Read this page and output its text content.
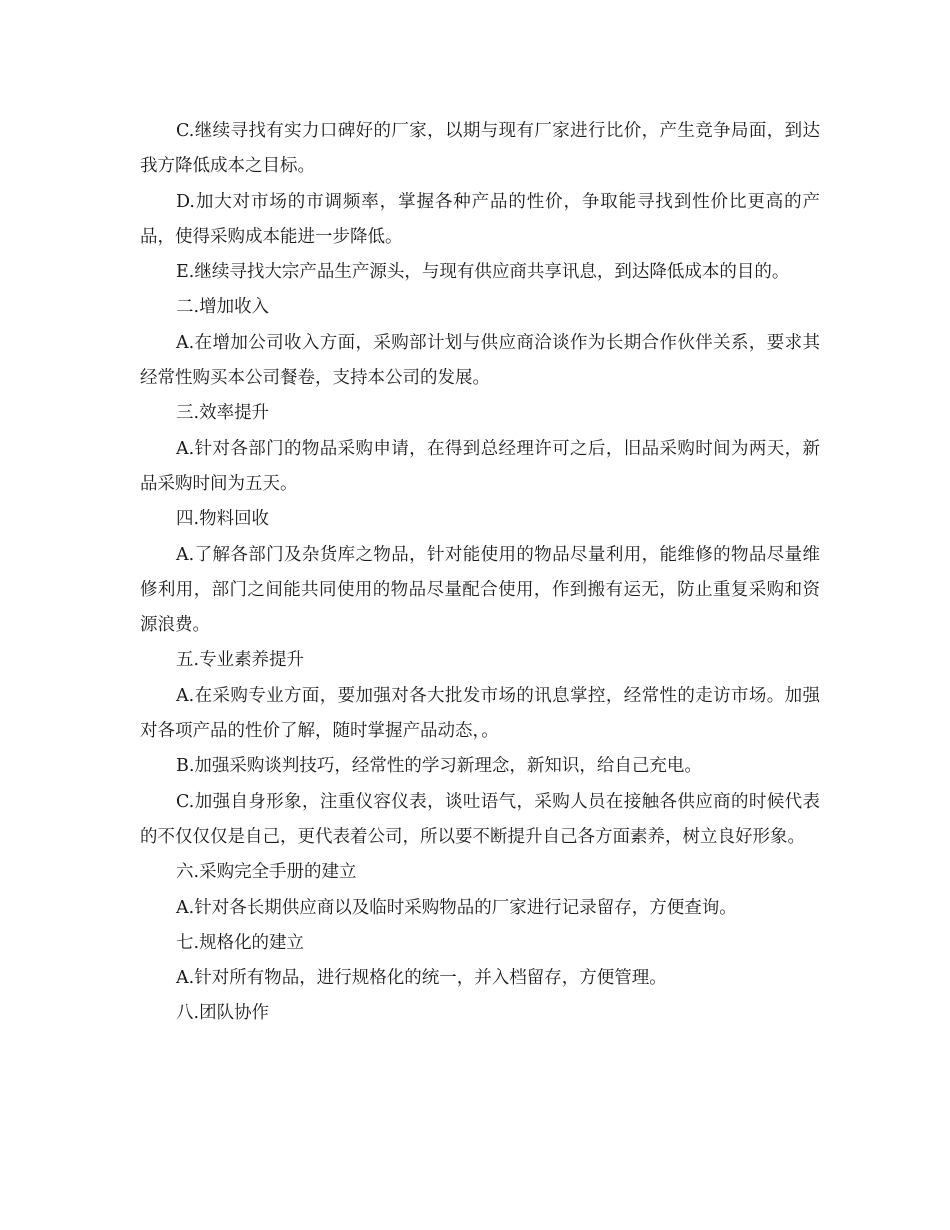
C.继续寻找有实力口碑好的厂家，以期与现有厂家进行比价，产生竞争局面，到达我方降低成本之目标。

D.加大对市场的市调频率，掌握各种产品的性价，争取能寻找到性价比更高的产品，使得采购成本能进一步降低。

E.继续寻找大宗产品生产源头，与现有供应商共享讯息，到达降低成本的目的。

二.增加收入

A.在增加公司收入方面，采购部计划与供应商洽谈作为长期合作伙伴关系，要求其经常性购买本公司餐卷，支持本公司的发展。

三.效率提升

A.针对各部门的物品采购申请，在得到总经理许可之后，旧品采购时间为两天，新品采购时间为五天。

四.物料回收

A.了解各部门及杂货库之物品，针对能使用的物品尽量利用，能维修的物品尽量维修利用，部门之间能共同使用的物品尽量配合使用，作到搬有运无，防止重复采购和资源浪费。

五.专业素养提升

A.在采购专业方面，要加强对各大批发市场的讯息掌控，经常性的走访市场。加强对各项产品的性价了解，随时掌握产品动态，。

B.加强采购谈判技巧，经常性的学习新理念，新知识，给自己充电。

C.加强自身形象，注重仪容仪表，谈吐语气，采购人员在接触各供应商的时候代表的不仅仅仅是自己，更代表着公司，所以要不断提升自己各方面素养，树立良好形象。

六.采购完全手册的建立

A.针对各长期供应商以及临时采购物品的厂家进行记录留存，方便查询。

七.规格化的建立

A.针对所有物品，进行规格化的统一，并入档留存，方便管理。

八.团队协作
